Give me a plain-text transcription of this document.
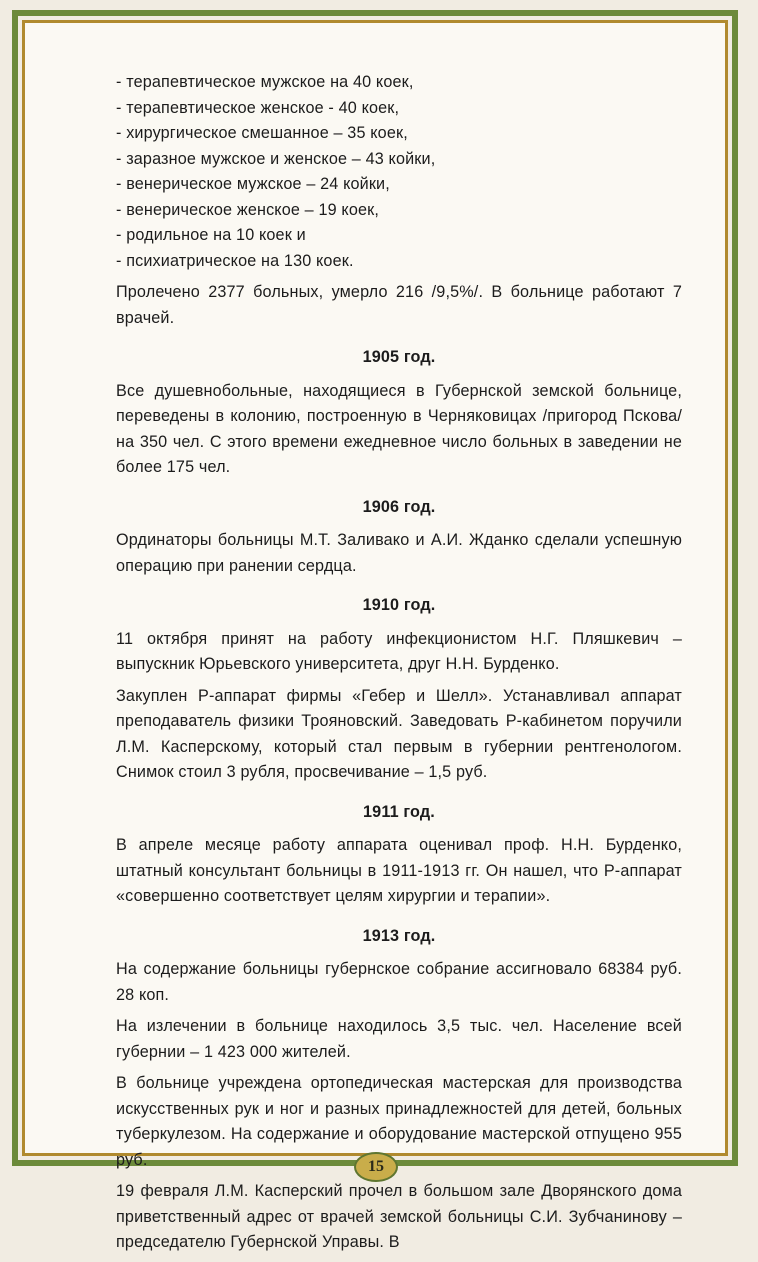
- терапевтическое мужское на 40 коек,
- терапевтическое женское - 40 коек,
- хирургическое смешанное – 35 коек,
- заразное мужское и женское – 43 койки,
- венерическое мужское – 24 койки,
- венерическое женское – 19 коек,
- родильное на 10 коек и
- психиатрическое на 130 коек.

Пролечено 2377 больных, умерло 216 /9,5%/. В больнице работают 7 врачей.

1905 год.

Все душевнобольные, находящиеся в Губернской земской больнице, переведены в колонию, построенную в Черняковицах /пригород Пскова/ на 350 чел. С этого времени ежедневное число больных в заведении не более 175 чел.

1906 год.

Ординаторы больницы М.Т. Заливако и А.И. Жданко сделали успешную операцию при ранении сердца.

1910 год.

11 октября принят на работу инфекционистом Н.Г. Пляшкевич – выпускник Юрьевского университета, друг Н.Н. Бурденко.

Закуплен Р-аппарат фирмы «Гебер и Шелл». Устанавливал аппарат преподаватель физики Трояновский. Заведовать Р-кабинетом поручили Л.М. Касперскому, который стал первым в губернии рентгенологом. Снимок стоил 3 рубля, просвечивание – 1,5 руб.

1911 год.

В апреле месяце работу аппарата оценивал проф. Н.Н. Бурденко, штатный консультант больницы в 1911-1913 гг. Он нашел, что Р-аппарат «совершенно соответствует целям хирургии и терапии».

1913 год.

На содержание больницы губернское собрание ассигновало 68384 руб. 28 коп.

На излечении в больнице находилось 3,5 тыс. чел. Население всей губернии – 1 423 000 жителей.

В больнице учреждена ортопедическая мастерская для производства искусственных рук и ног и разных принадлежностей для детей, больных туберкулезом. На содержание и оборудование мастерской отпущено 955 руб.

19 февраля Л.М. Касперский прочел в большом зале Дворянского дома приветственный адрес от врачей земской больницы С.И. Зубчанинову – председателю Губернской Управы. В

15
